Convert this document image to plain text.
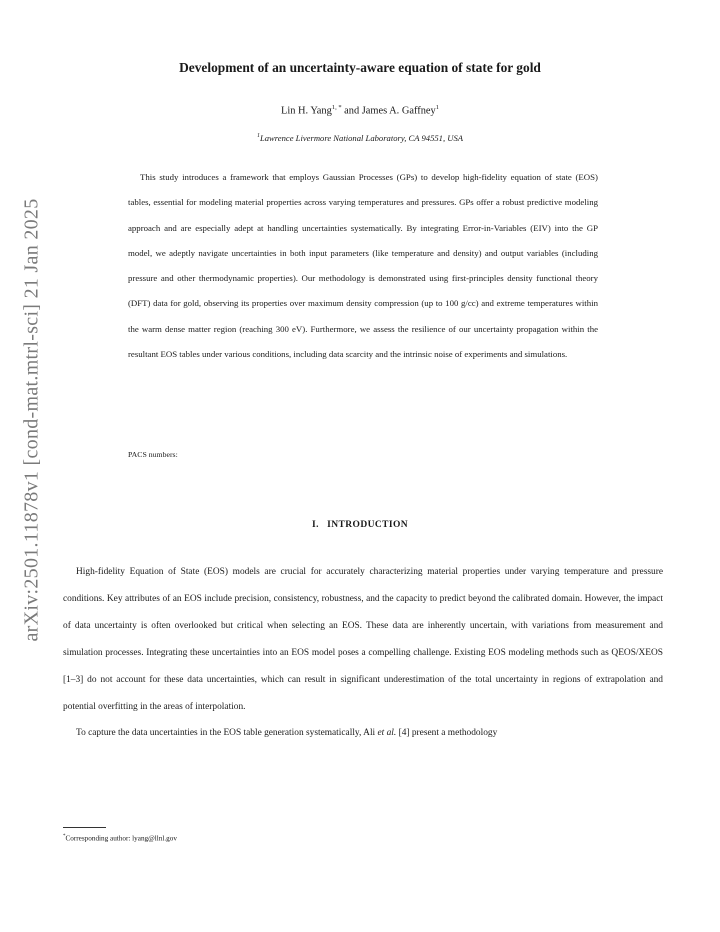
arXiv:2501.11878v1 [cond-mat.mtrl-sci] 21 Jan 2025
Development of an uncertainty-aware equation of state for gold
Lin H. Yang$^{1, *}$ and James A. Gaffney$^1$
$^1$Lawrence Livermore National Laboratory, CA 94551, USA
This study introduces a framework that employs Gaussian Processes (GPs) to develop high-fidelity equation of state (EOS) tables, essential for modeling material properties across varying temperatures and pressures. GPs offer a robust predictive modeling approach and are especially adept at handling uncertainties systematically. By integrating Error-in-Variables (EIV) into the GP model, we adeptly navigate uncertainties in both input parameters (like temperature and density) and output variables (including pressure and other thermodynamic properties). Our methodology is demonstrated using first-principles density functional theory (DFT) data for gold, observing its properties over maximum density compression (up to 100 g/cc) and extreme temperatures within the warm dense matter region (reaching 300 eV). Furthermore, we assess the resilience of our uncertainty propagation within the resultant EOS tables under various conditions, including data scarcity and the intrinsic noise of experiments and simulations.
PACS numbers:
I.   INTRODUCTION

High-fidelity Equation of State (EOS) models are crucial for accurately characterizing material properties under varying temperature and pressure conditions. Key attributes of an EOS include precision, consistency, robustness, and the capacity to predict beyond the calibrated domain. However, the impact of data uncertainty is often overlooked but critical when selecting an EOS. These data are inherently uncertain, with variations from measurement and simulation processes. Integrating these uncertainties into an EOS model poses a compelling challenge. Existing EOS modeling methods such as QEOS/XEOS [1–3] do not account for these data uncertainties, which can result in significant underestimation of the total uncertainty in regions of extrapolation and potential overfitting in the areas of interpolation.

To capture the data uncertainties in the EOS table generation systematically, Ali et al. [4] present a methodology

*Corresponding author: lyang@llnl.gov
